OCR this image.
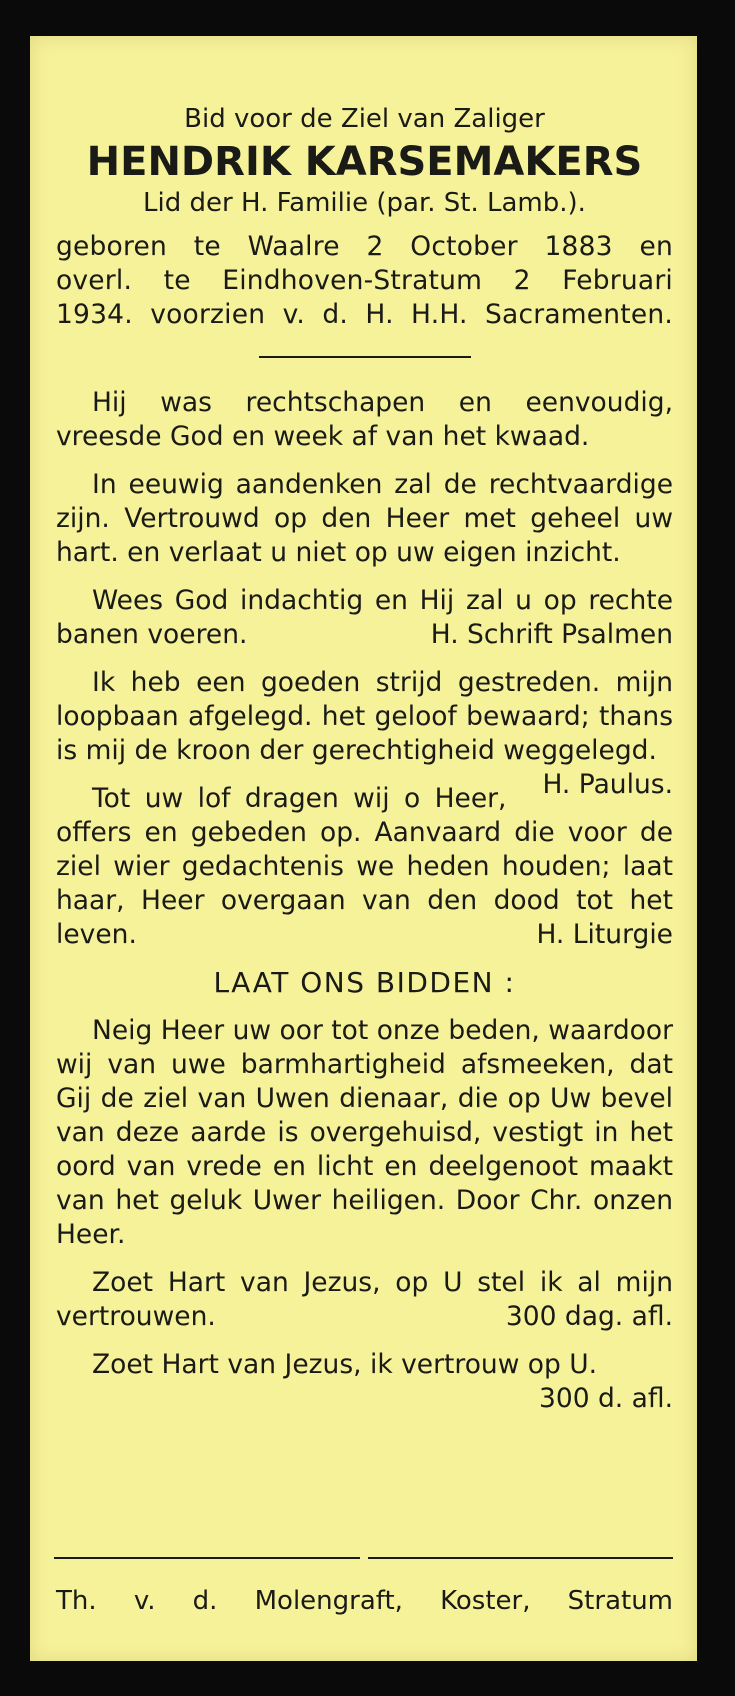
Bid voor de Ziel van Zaliger

HENDRIK KARSEMAKERS

Lid der H. Familie (par. St. Lamb.).

geboren te Waalre 2 October 1883 en
overl. te Eindhoven-Stratum 2 Februari
1934. voorzien v. d. H. H.H. Sacramenten.

Hij was rechtschapen en eenvoudig, vreesde God en week af van het kwaad.

In eeuwig aandenken zal de rechtvaardige zijn. Vertrouwd op den Heer met geheel uw hart. en verlaat u niet op uw eigen inzicht.

Wees God indachtig en Hij zal u op rechte banen voeren.	H. Schrift Psalmen

Ik heb een goeden strijd gestreden. mijn loopbaan afgelegd. het geloof bewaard; thans is mij de kroon der gerechtigheid weggelegd.
H. Paulus.

Tot uw lof dragen wij o Heer, offers en gebeden op. Aanvaard die voor de ziel wier gedachtenis we heden houden; laat haar, Heer overgaan van den dood tot het leven.	H. Liturgie

LAAT ONS BIDDEN :

Neig Heer uw oor tot onze beden, waardoor wij van uwe barmhartigheid afsmeeken, dat Gij de ziel van Uwen dienaar, die op Uw bevel van deze aarde is overgehuisd, vestigt in het oord van vrede en licht en deelgenoot maakt van het geluk Uwer heiligen. Door Chr. onzen Heer.

Zoet Hart van Jezus, op U stel ik al mijn vertrouwen.	300 dag. afl.

Zoet Hart van Jezus, ik vertrouw op U.
300 d. afl.

Th. v. d. Molengraft, Koster, Stratum
